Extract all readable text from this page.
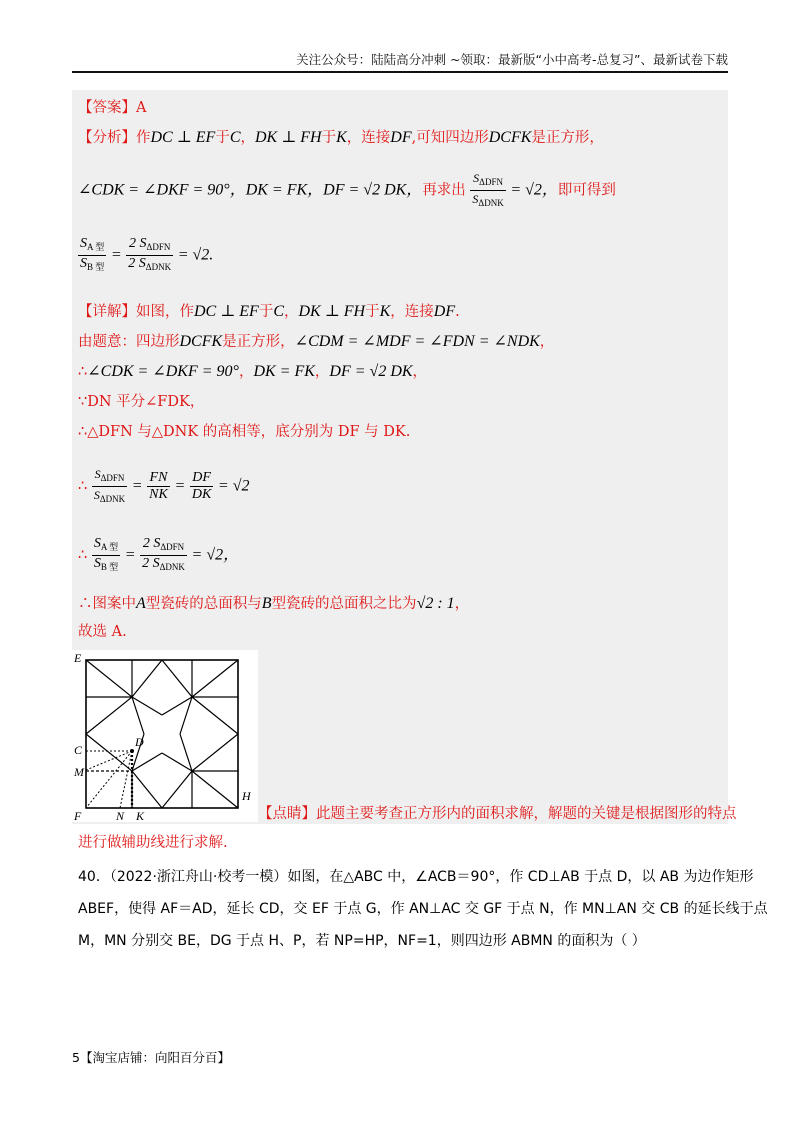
关注公众号：陆陆高分冲刺 ~领取：最新版“小中高考-总复习”、最新试卷下载
【答案】A
【分析】作DC ⊥ EF于C，DK ⊥ FH于K，连接DF,可知四边形DCFK是正方形，
∠CDK = ∠DKF = 90°，DK = FK，DF = √2 DK，再求出 $\frac{S_{\Delta DFN}}{S_{\Delta DNK}} = √2$，即可得到
$\frac{S_{A 型}}{S_{B 型}} = \frac{2 S_{\Delta DFN}}{2 S_{\Delta DNK}} = √2$.
【详解】如图，作DC ⊥ EF于C，DK ⊥ FH于K，连接DF.
由题意：四边形DCFK是正方形，∠CDM = ∠MDF = ∠FDN = ∠NDK，
∴∠CDK = ∠DKF = 90°，DK = FK，DF = √2 DK，
∵DN 平分∠FDK，
∴△DFN 与△DNK 的高相等，底分别为 DF 与 DK.
∴ $\frac{S_{\Delta DFN}}{S_{\Delta DNK}} = \frac{FN}{NK} = \frac{DF}{DK} = √2$
∴ $\frac{S_{A 型}}{S_{B 型}} = \frac{2 S_{\Delta DFN}}{2 S_{\Delta DNK}} = √2$，
∴图案中A型瓷砖的总面积与B型瓷砖的总面积之比为√2 : 1，
故选 A.
E
C
M
F	N K
H
D
【点睛】此题主要考查正方形内的面积求解，解题的关键是根据图形的特点
进行做辅助线进行求解.
40．（2022·浙江舟山·校考一模）如图，在△ABC 中，∠ACB＝90°，作 CD⊥AB 于点 D，以 AB 为边作矩形
ABEF，使得 AF＝AD，延长 CD，交 EF 于点 G，作 AN⊥AC 交 GF 于点 N，作 MN⊥AN 交 CB 的延长线于点
M，MN 分别交 BE，DG 于点 H、P，若 NP=HP，NF=1，则四边形 ABMN 的面积为（ ）
5【淘宝店铺：向阳百分百】
